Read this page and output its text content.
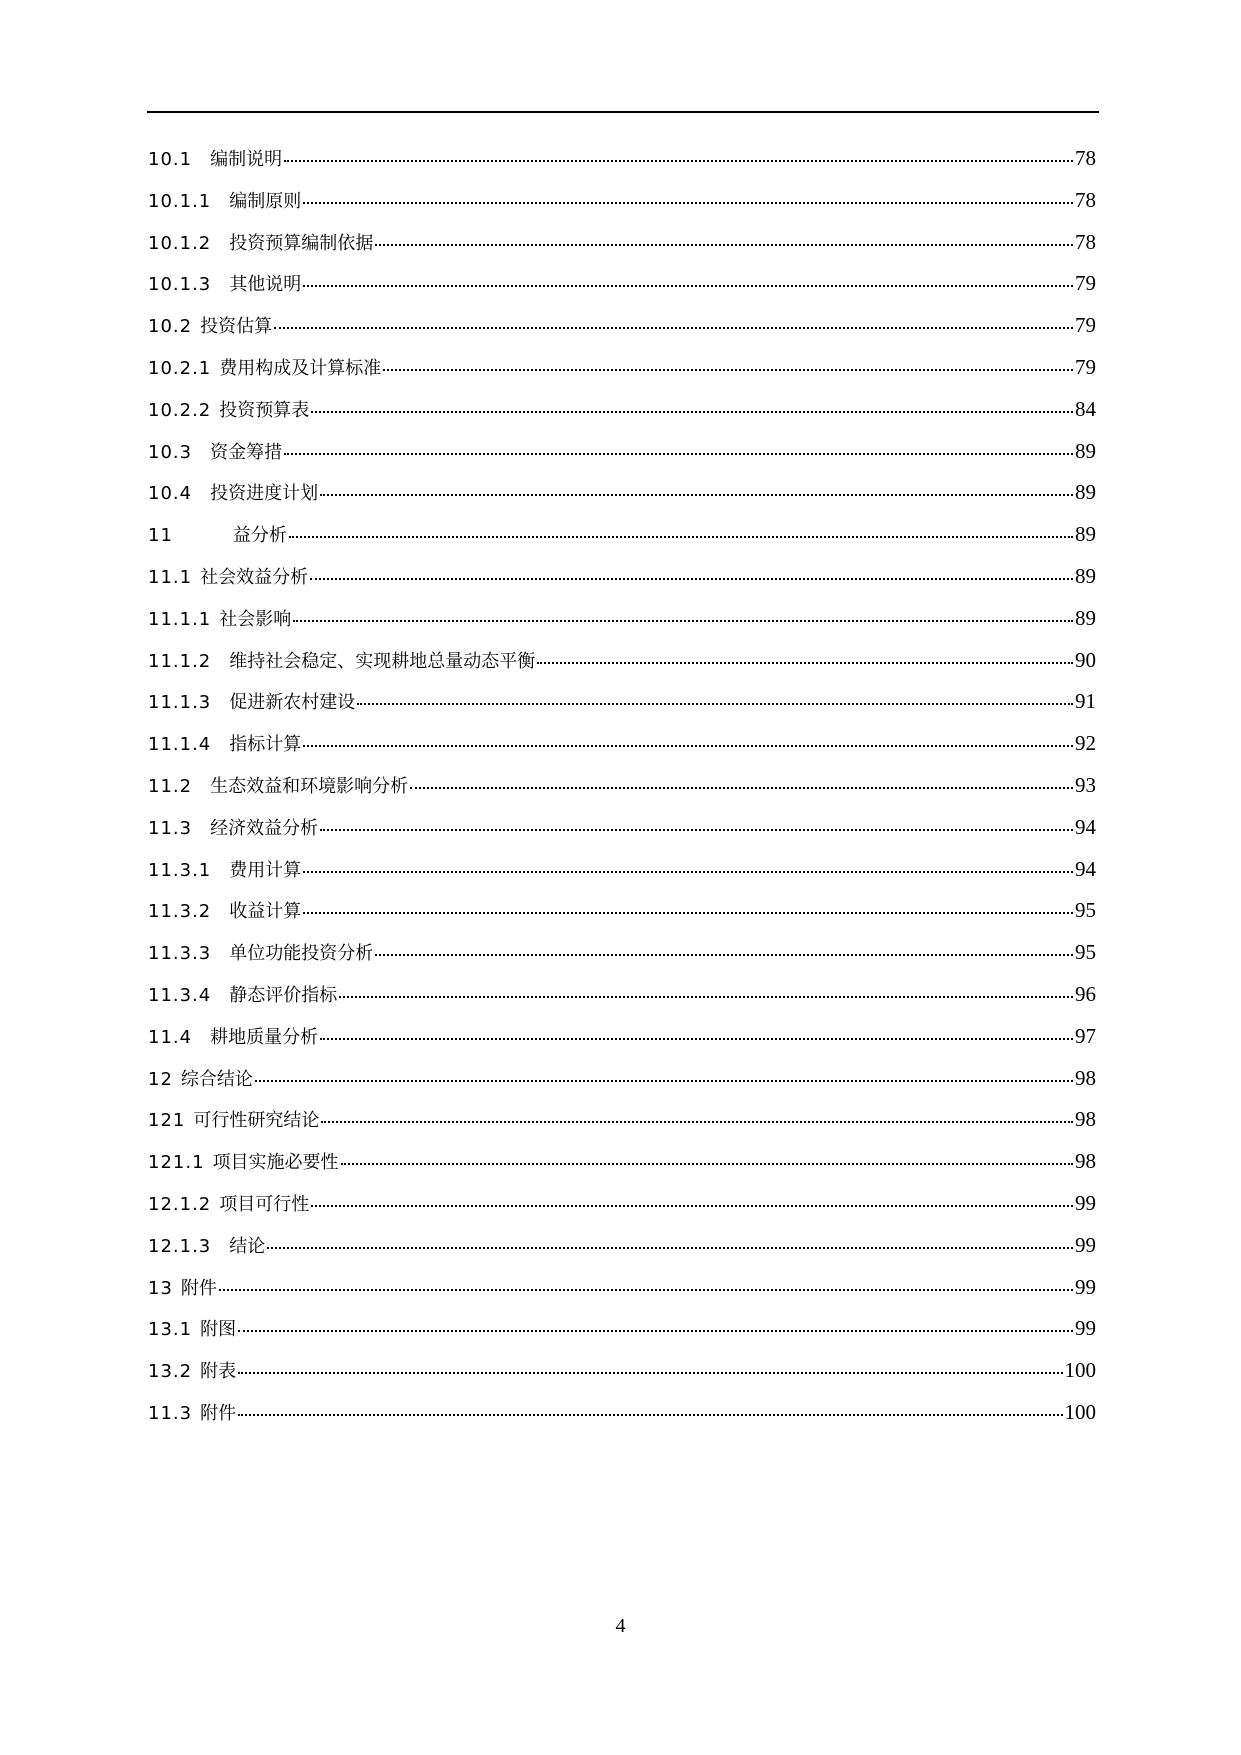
10.1 编制说明	78
10.1.1 编制原则	78
10.1.2 投资预算编制依据	78
10.1.3 其他说明	79
10.2 投资估算	79
10.2.1 费用构成及计算标准	79
10.2.2 投资预算表	84
10.3 资金筹措	89
10.4 投资进度计划	89
11	益分析	89
11.1 社会效益分析	89
11.1.1 社会影响	89
11.1.2 维持社会稳定、实现耕地总量动态平衡	90
11.1.3 促进新农村建设	91
11.1.4 指标计算	92
11.2 生态效益和环境影响分析	93
11.3 经济效益分析	94
11.3.1 费用计算	94
11.3.2 收益计算	95
11.3.3 单位功能投资分析	95
11.3.4 静态评价指标	96
11.4 耕地质量分析	97
12 综合结论	98
121 可行性研究结论	98
121.1 项目实施必要性	98
12.1.2 项目可行性	99
12.1.3 结论	99
13 附件	99
13.1 附图	99
13.2 附表	100
11.3 附件	100
4
